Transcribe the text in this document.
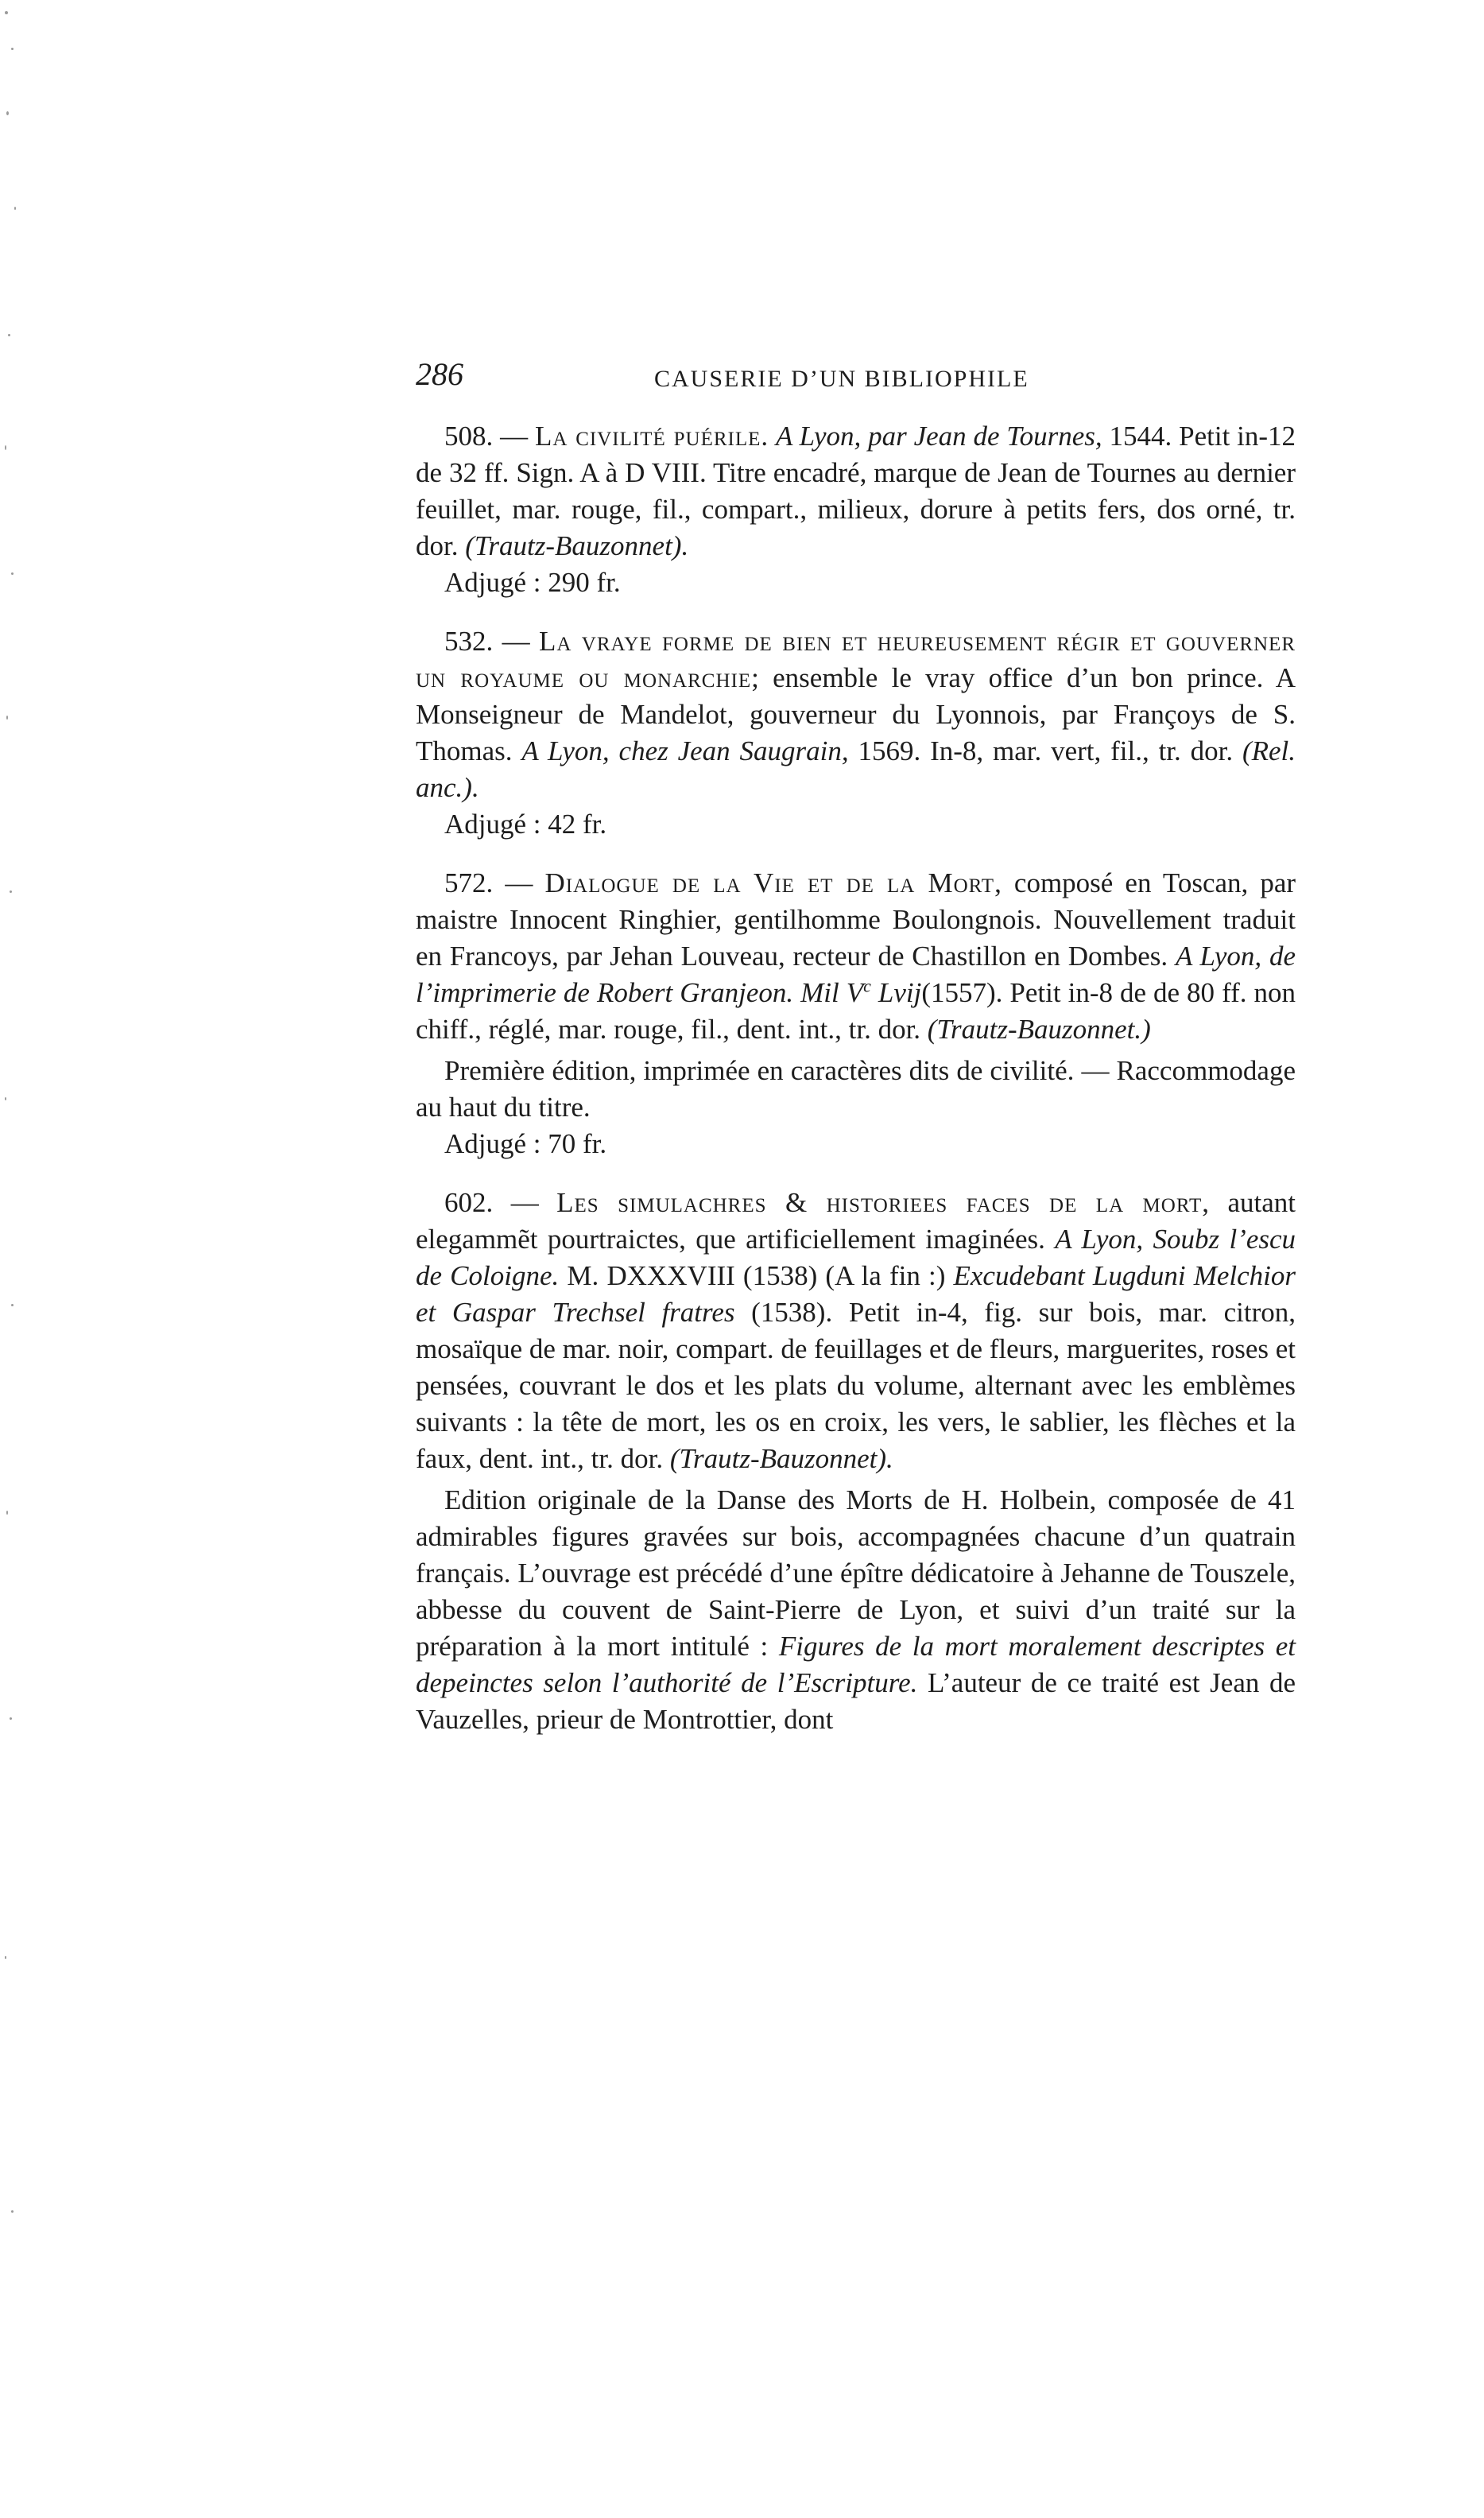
286	CAUSERIE D’UN BIBLIOPHILE

508. — La civilité puérile. A Lyon, par Jean de Tournes, 1544. Petit in-12 de 32 ff. Sign. A à D VIII. Titre encadré, marque de Jean de Tournes au dernier feuillet, mar. rouge, fil., compart., milieux, dorure à petits fers, dos orné, tr. dor. (Trautz-Bauzonnet).

Adjugé : 290 fr.

532. — La vraye forme de bien et heureusement régir et gouverner un royaume ou monarchie; ensemble le vray office d’un bon prince. A Monseigneur de Mandelot, gouverneur du Lyonnois, par Françoys de S. Thomas. A Lyon, chez Jean Saugrain, 1569. In-8, mar. vert, fil., tr. dor. (Rel. anc.).

Adjugé : 42 fr.

572. — Dialogue de la Vie et de la Mort, composé en Toscan, par maistre Innocent Ringhier, gentilhomme Boulongnois. Nouvellement traduit en Francoys, par Jehan Louveau, recteur de Chastillon en Dombes. A Lyon, de l’imprimerie de Robert Granjeon. Mil $V^c$ Lvij(1557). Petit in-8 de de 80 ff. non chiff., réglé, mar. rouge, fil., dent. int., tr. dor. (Trautz-Bauzonnet.)

Première édition, imprimée en caractères dits de civilité. — Raccommodage au haut du titre.

Adjugé : 70 fr.

602. — Les simulachres & historiees faces de la mort, autant elegammẽt pourtraictes, que artificiellement imaginées. A Lyon, Soubz l’escu de Coloigne. M. DXXXVIII (1538) (A la fin :) Excudebant Lugduni Melchior et Gaspar Trechsel fratres (1538). Petit in-4, fig. sur bois, mar. citron, mosaïque de mar. noir, compart. de feuillages et de fleurs, marguerites, roses et pensées, couvrant le dos et les plats du volume, alternant avec les emblèmes suivants : la tête de mort, les os en croix, les vers, le sablier, les flèches et la faux, dent. int., tr. dor. (Trautz-Bauzonnet).

Edition originale de la Danse des Morts de H. Holbein, composée de 41 admirables figures gravées sur bois, accompagnées chacune d’un quatrain français. L’ouvrage est précédé d’une épître dédicatoire à Jehanne de Touszele, abbesse du couvent de Saint-Pierre de Lyon, et suivi d’un traité sur la préparation à la mort intitulé : Figures de la mort moralement descriptes et depeinctes selon l’authorité de l’Escripture. L’auteur de ce traité est Jean de Vauzelles, prieur de Montrottier, dont
